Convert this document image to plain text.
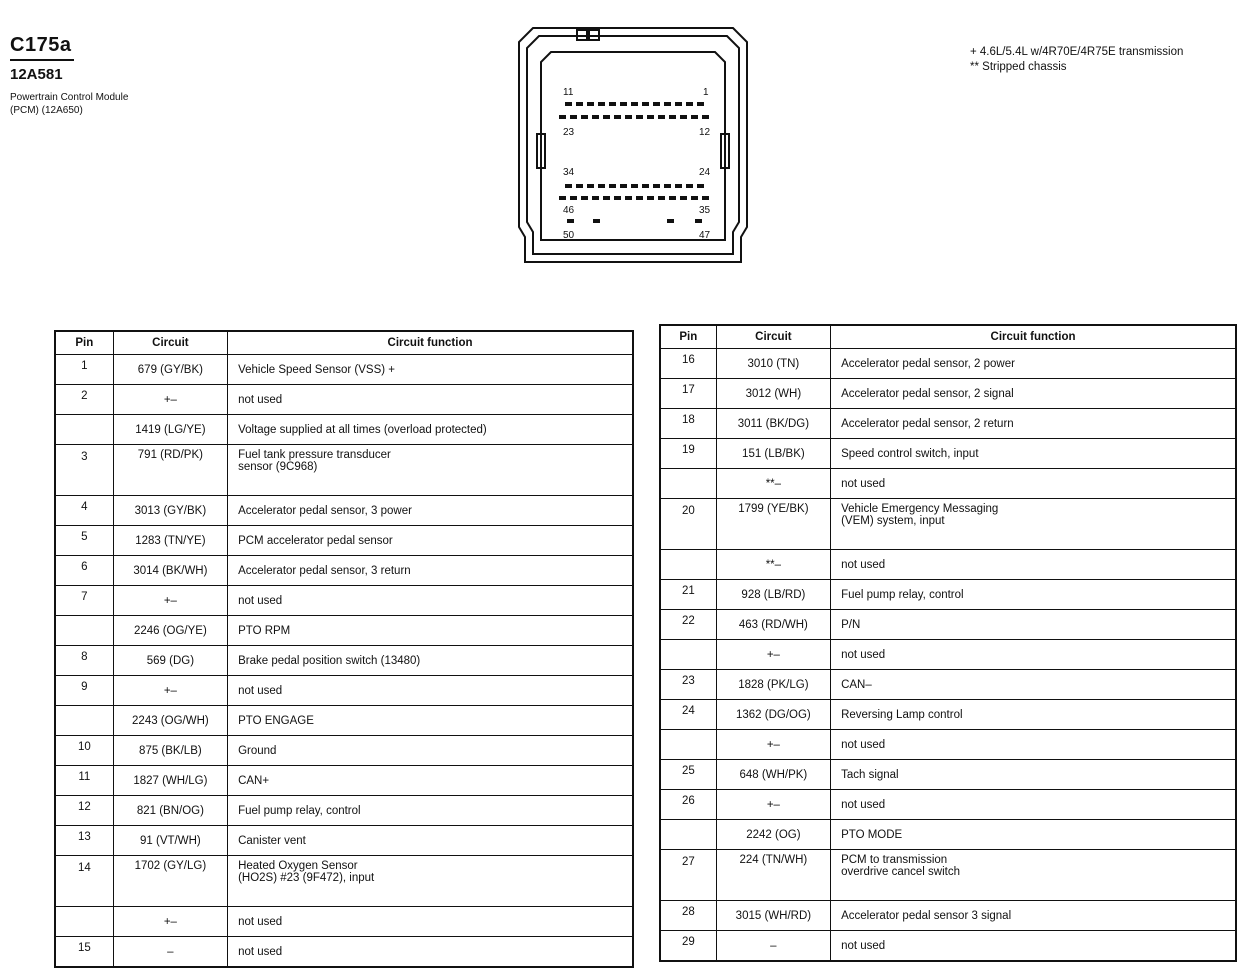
C175a
12A581
Powertrain Control Module
(PCM) (12A650)
+ 4.6L/5.4L w/4R70E/4R75E transmission
** Stripped chassis
11	1
23	12
34	24
46	35
50	47
Pin	Circuit	Circuit function
1	679 (GY/BK)	Vehicle Speed Sensor (VSS) +
2	+–	not used
	1419 (LG/YE)	Voltage supplied at all times (overload protected)
3	791 (RD/PK)	Fuel tank pressure transducer
sensor (9C968)

4	3013 (GY/BK)	Accelerator pedal sensor, 3 power
5	1283 (TN/YE)	PCM accelerator pedal sensor
6	3014 (BK/WH)	Accelerator pedal sensor, 3 return
7	+–	not used
	2246 (OG/YE)	PTO RPM
8	569 (DG)	Brake pedal position switch (13480)
9	+–	not used
	2243 (OG/WH)	PTO ENGAGE
10	875 (BK/LB)	Ground
11	1827 (WH/LG)	CAN+
12	821 (BN/OG)	Fuel pump relay, control
13	91 (VT/WH)	Canister vent
14	1702 (GY/LG)	Heated Oxygen Sensor
(HO2S) #23 (9F472), input

	+–	not used
15	–	not used
Pin	Circuit	Circuit function
16	3010 (TN)	Accelerator pedal sensor, 2 power
17	3012 (WH)	Accelerator pedal sensor, 2 signal
18	3011 (BK/DG)	Accelerator pedal sensor, 2 return
19	151 (LB/BK)	Speed control switch, input
	**–	not used
20	1799 (YE/BK)	Vehicle Emergency Messaging
(VEM) system, input

	**–	not used
21	928 (LB/RD)	Fuel pump relay, control
22	463 (RD/WH)	P/N
	+–	not used
23	1828 (PK/LG)	CAN–
24	1362 (DG/OG)	Reversing Lamp control
	+–	not used
25	648 (WH/PK)	Tach signal
26	+–	not used
	2242 (OG)	PTO MODE
27	224 (TN/WH)	PCM to transmission
overdrive cancel switch

28	3015 (WH/RD)	Accelerator pedal sensor 3 signal
29	–	not used
